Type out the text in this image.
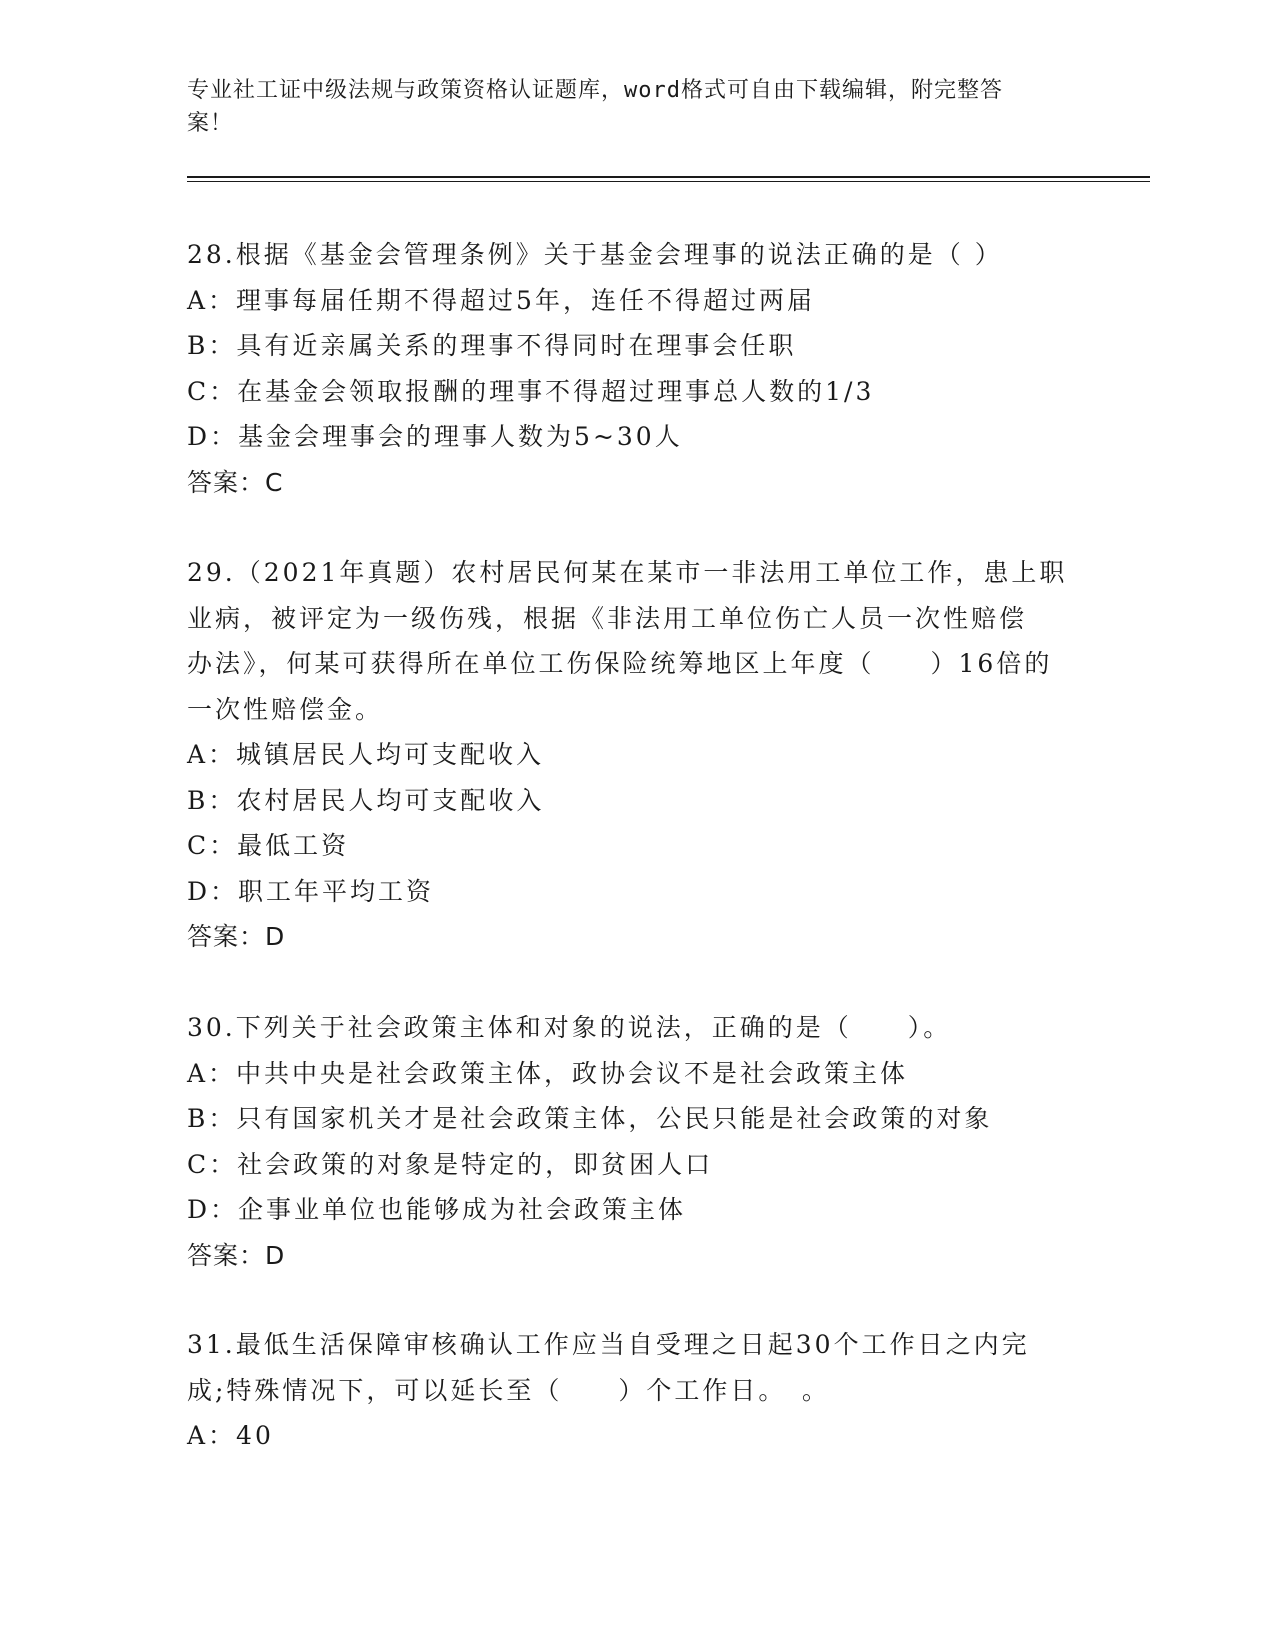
专业社工证中级法规与政策资格认证题库，word格式可自由下载编辑，附完整答
案！
28.根据《基金会管理条例》关于基金会理事的说法正确的是（ ）
A：理事每届任期不得超过5年，连任不得超过两届
B：具有近亲属关系的理事不得同时在理事会任职
C：在基金会领取报酬的理事不得超过理事总人数的1/3
D：基金会理事会的理事人数为5~30人
答案：C
29.（2021年真题）农村居民何某在某市一非法用工单位工作，患上职
业病，被评定为一级伤残，根据《非法用工单位伤亡人员一次性赔偿
办法》，何某可获得所在单位工伤保险统筹地区上年度（　　）16倍的
一次性赔偿金。
A：城镇居民人均可支配收入
B：农村居民人均可支配收入
C：最低工资
D：职工年平均工资
答案：D
30.下列关于社会政策主体和对象的说法，正确的是（　　）。
A：中共中央是社会政策主体，政协会议不是社会政策主体
B：只有国家机关才是社会政策主体，公民只能是社会政策的对象
C：社会政策的对象是特定的，即贫困人口
D：企事业单位也能够成为社会政策主体
答案：D
31.最低生活保障审核确认工作应当自受理之日起30个工作日之内完
成;特殊情况下，可以延长至（　　）个工作日。　。
A：40
